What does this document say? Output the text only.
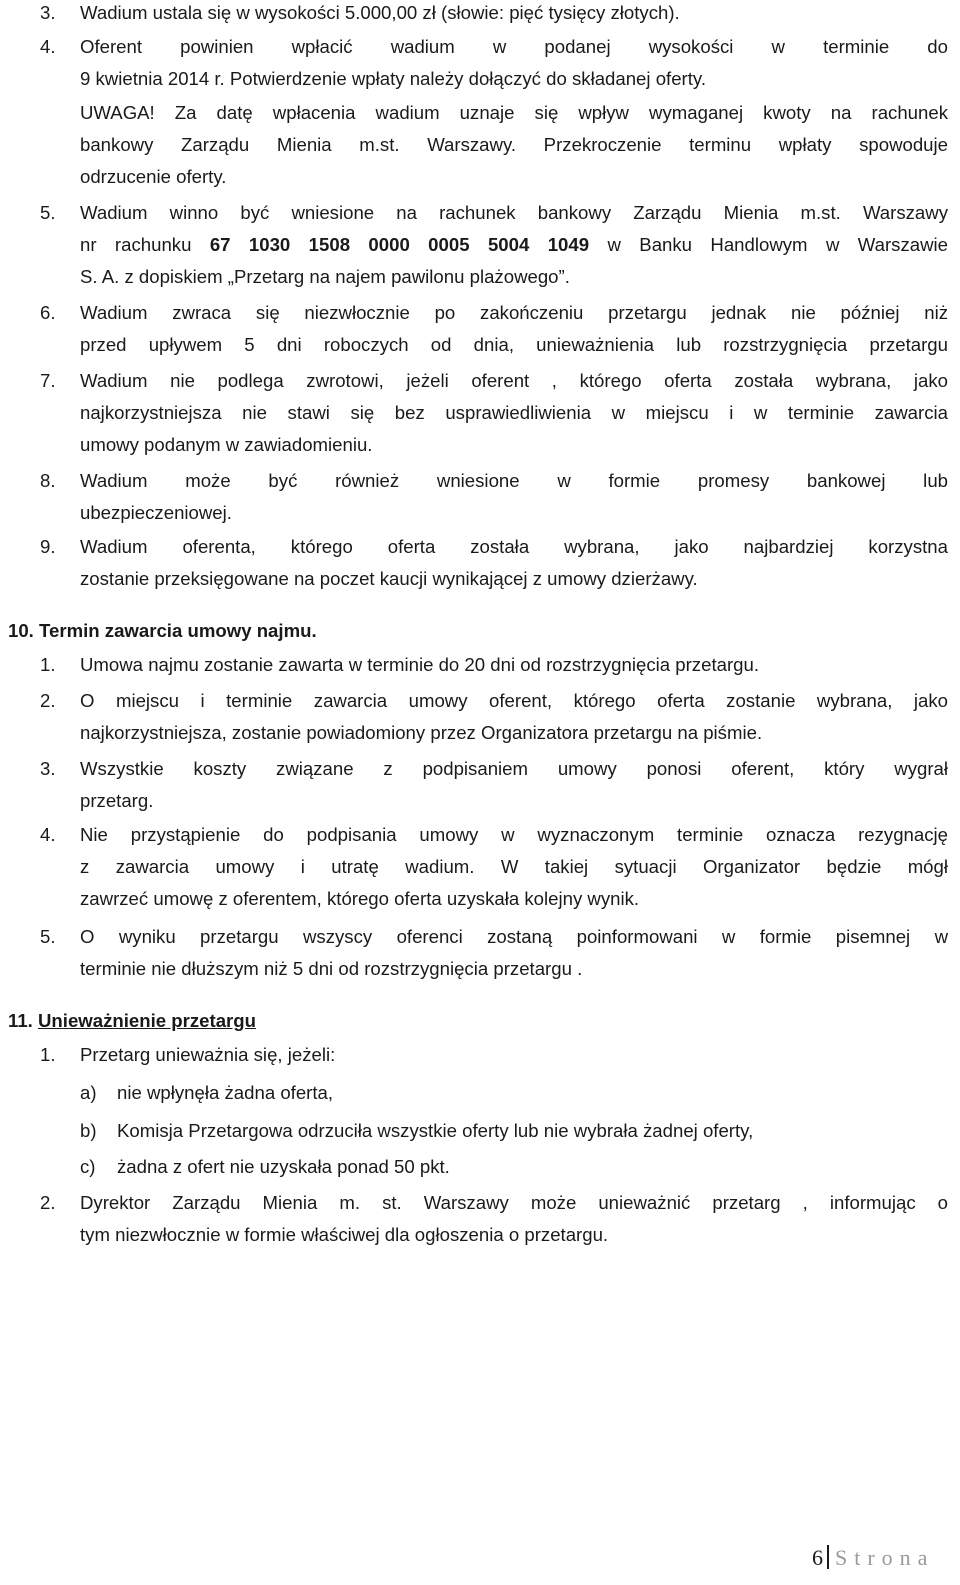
3. Wadium ustala się w wysokości 5.000,00 zł (słowie: pięć tysięcy złotych).
4. Oferent powinien wpłacić wadium w podanej wysokości w terminie do
9 kwietnia 2014 r. Potwierdzenie wpłaty należy dołączyć do składanej oferty.
UWAGA! Za datę wpłacenia wadium uznaje się wpływ wymaganej kwoty na rachunek
bankowy Zarządu Mienia m.st. Warszawy. Przekroczenie terminu wpłaty spowoduje
odrzucenie oferty.
5. Wadium winno być wniesione na rachunek bankowy Zarządu Mienia m.st. Warszawy
nr rachunku 67 1030 1508 0000 0005 5004 1049 w Banku Handlowym w Warszawie
S. A. z dopiskiem „Przetarg na najem pawilonu plażowego”.
6. Wadium zwraca się niezwłocznie po zakończeniu przetargu jednak nie później niż
przed upływem 5 dni roboczych od dnia, unieważnienia lub rozstrzygnięcia przetargu
7. Wadium nie podlega zwrotowi, jeżeli oferent , którego oferta została wybrana, jako
najkorzystniejsza nie stawi się bez usprawiedliwienia w miejscu i w terminie zawarcia
umowy podanym w zawiadomieniu.
8. Wadium może być również wniesione w formie promesy bankowej lub
ubezpieczeniowej.
9. Wadium oferenta, którego oferta została wybrana, jako najbardziej korzystna
zostanie przeksięgowane na poczet kaucji wynikającej z umowy dzierżawy.
10. Termin zawarcia umowy najmu.
1. Umowa najmu zostanie zawarta w terminie do 20 dni od rozstrzygnięcia przetargu.
2. O miejscu i terminie zawarcia umowy oferent, którego oferta zostanie wybrana, jako
najkorzystniejsza, zostanie powiadomiony przez Organizatora przetargu na piśmie.
3. Wszystkie koszty związane z podpisaniem umowy ponosi oferent, który wygrał
przetarg.
4. Nie przystąpienie do podpisania umowy w wyznaczonym terminie oznacza rezygnację
z zawarcia umowy i utratę wadium. W takiej sytuacji Organizator będzie mógł
zawrzeć umowę z oferentem, którego oferta uzyskała kolejny wynik.
5. O wyniku przetargu wszyscy oferenci zostaną poinformowani w formie pisemnej w
terminie nie dłuższym niż 5 dni od rozstrzygnięcia przetargu .
11. Unieważnienie przetargu
1. Przetarg unieważnia się, jeżeli:
a) nie wpłynęła żadna oferta,
b) Komisja Przetargowa odrzuciła wszystkie oferty lub nie wybrała żadnej oferty,
c) żadna z ofert nie uzyskała ponad 50 pkt.
2. Dyrektor Zarządu Mienia m. st. Warszawy może unieważnić przetarg , informując o
tym niezwłocznie w formie właściwej dla ogłoszenia o przetargu.
6 Strona
